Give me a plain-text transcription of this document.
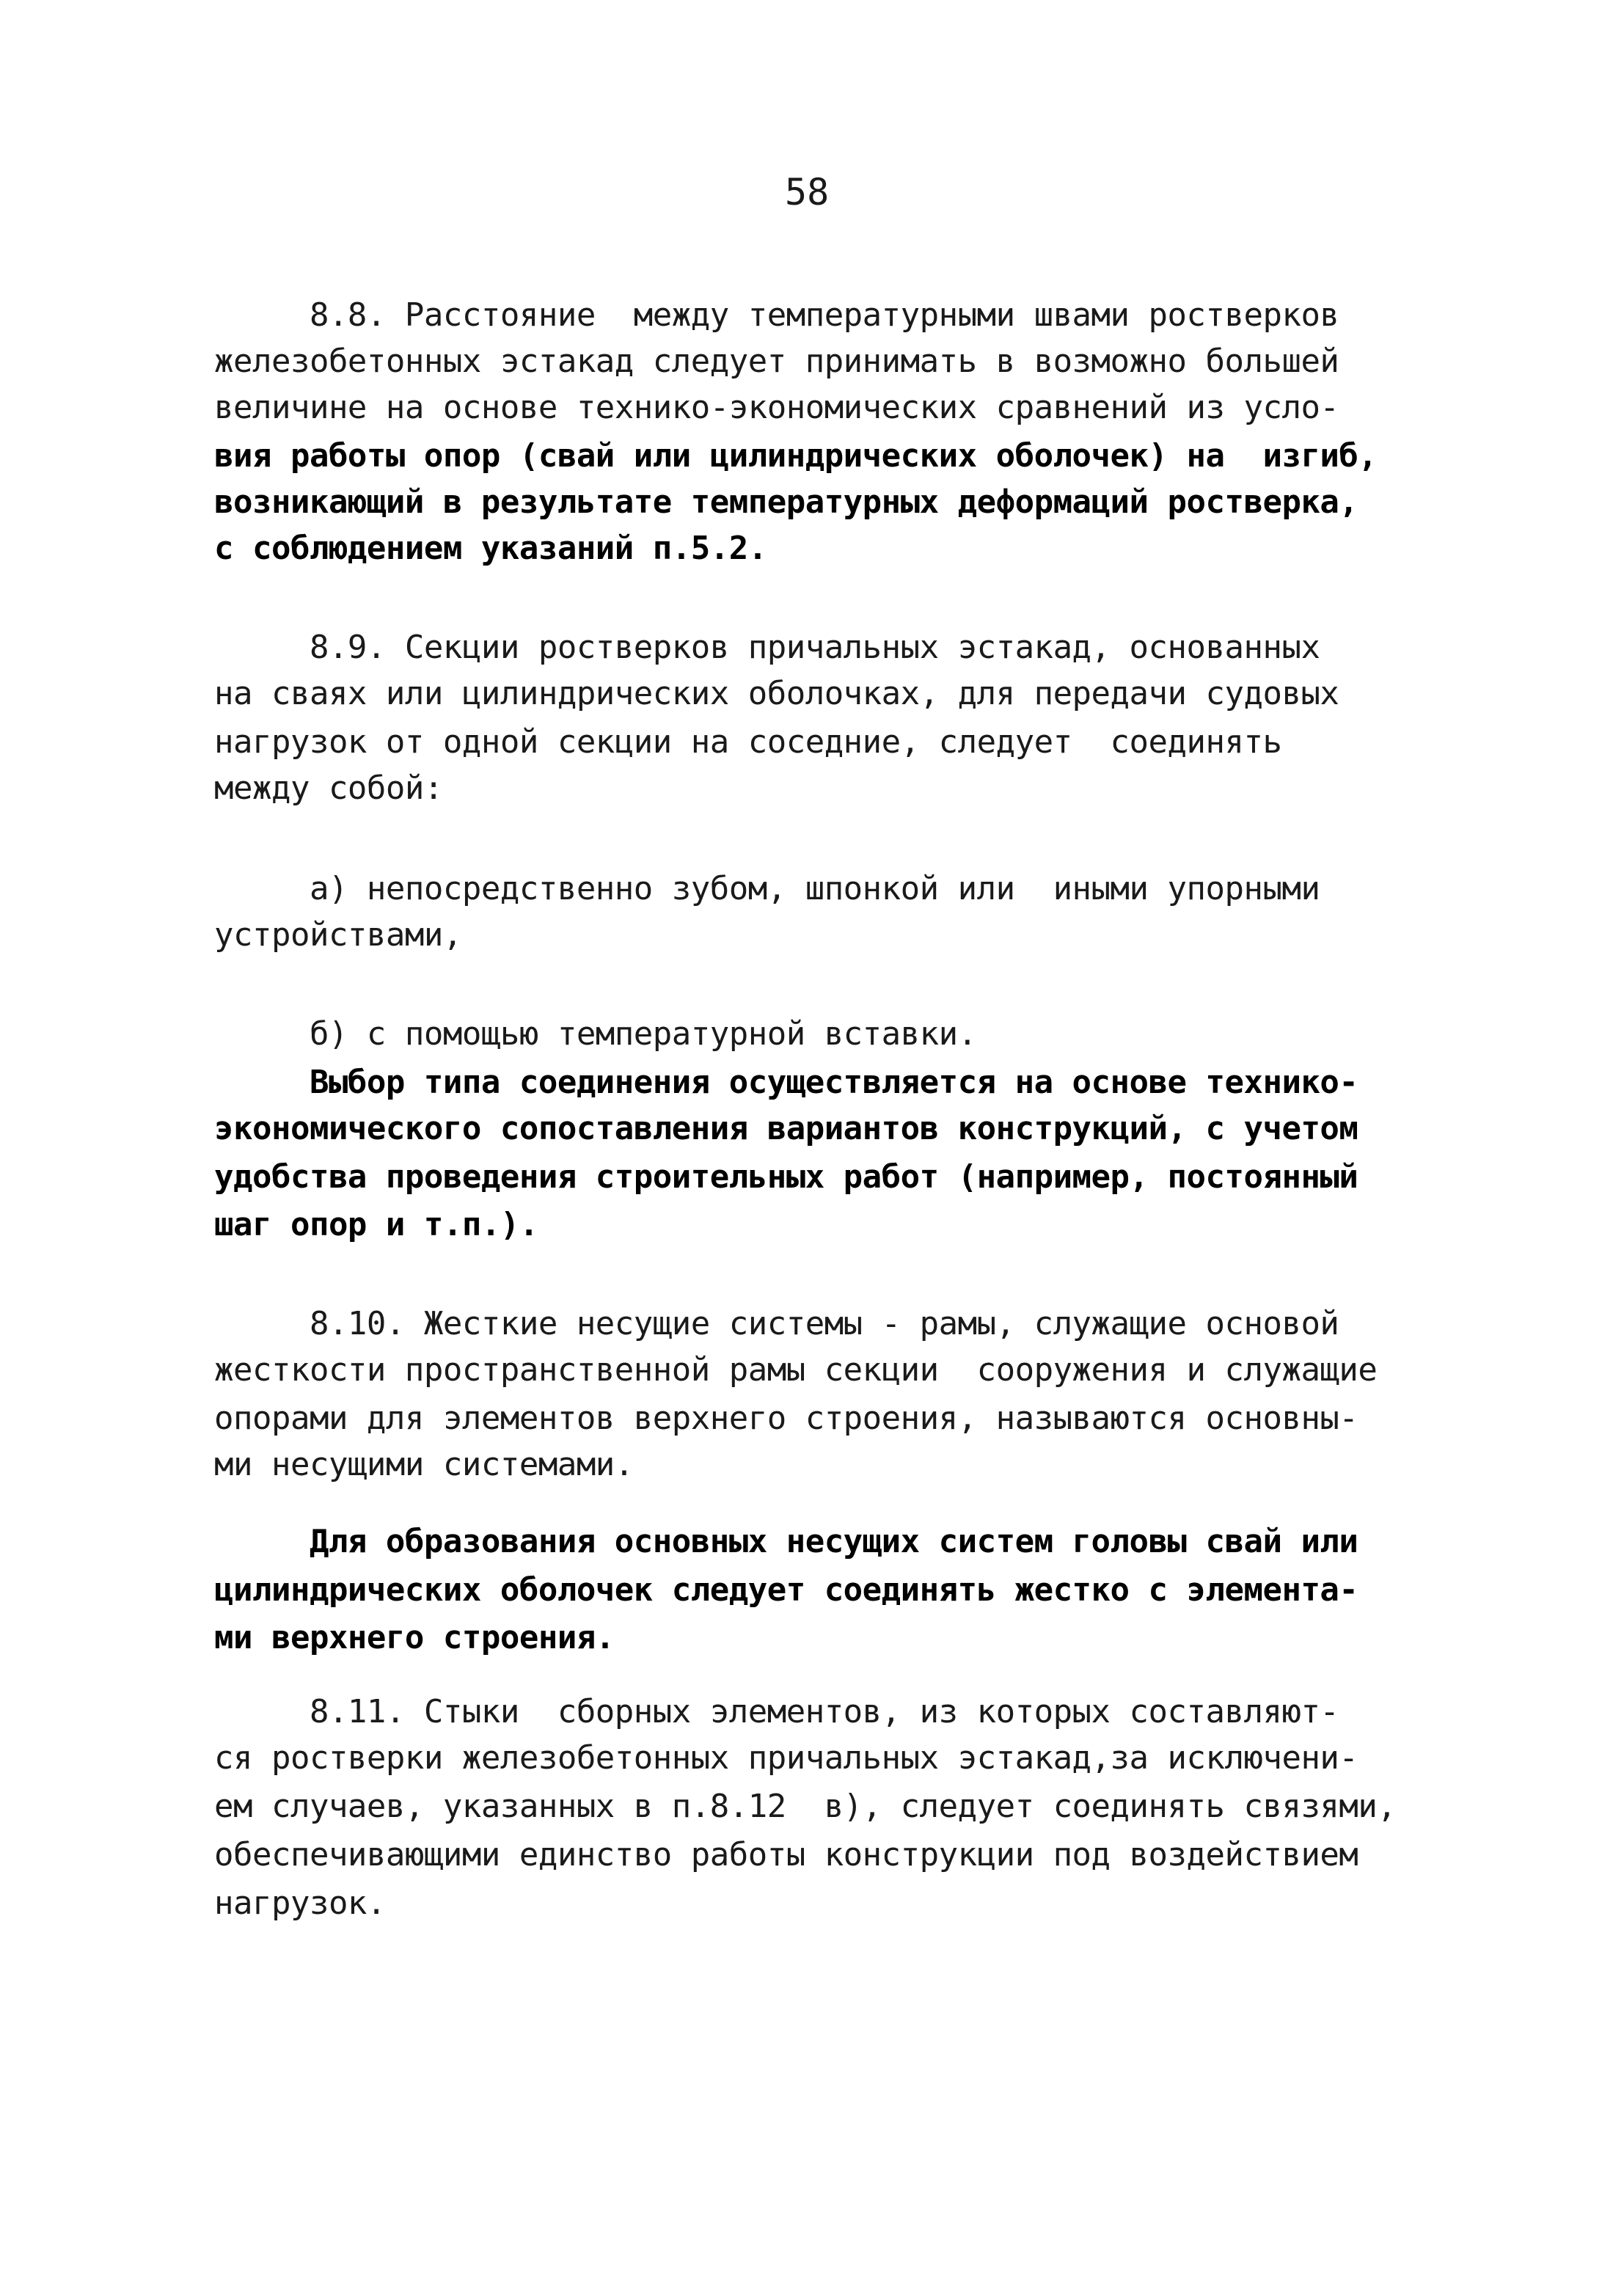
58
8.8. Расстояние  между температурными швами ростверков
железобетонных эстакад следует принимать в возможно большей
величине на основе технико-экономических сравнений из усло-
вия работы опор (свай или цилиндрических оболочек) на  изгиб,
возникающий в результате температурных деформаций ростверка,
с соблюдением указаний п.5.2.
8.9. Секции ростверков причальных эстакад, основанных
на сваях или цилиндрических оболочках, для передачи судовых
нагрузок от одной секции на соседние, следует  соединять
между собой:
а) непосредственно зубом, шпонкой или  иными упорными
устройствами,
б) с помощью температурной вставки.
Выбор типа соединения осуществляется на основе технико-
экономического сопоставления вариантов конструкций, с учетом
удобства проведения строительных работ (например, постоянный
шаг опор и т.п.).
8.10. Жесткие несущие системы - рамы, служащие основой
жесткости пространственной рамы секции  сооружения и служащие
опорами для элементов верхнего строения, называются основны-
ми несущими системами.
Для образования основных несущих систем головы свай или
цилиндрических оболочек следует соединять жестко с элемента-
ми верхнего строения.
8.11. Стыки  сборных элементов, из которых составляют-
ся ростверки железобетонных причальных эстакад,за исключени-
ем случаев, указанных в п.8.12  в), следует соединять связями,
обеспечивающими единство работы конструкции под воздействием
нагрузок.
